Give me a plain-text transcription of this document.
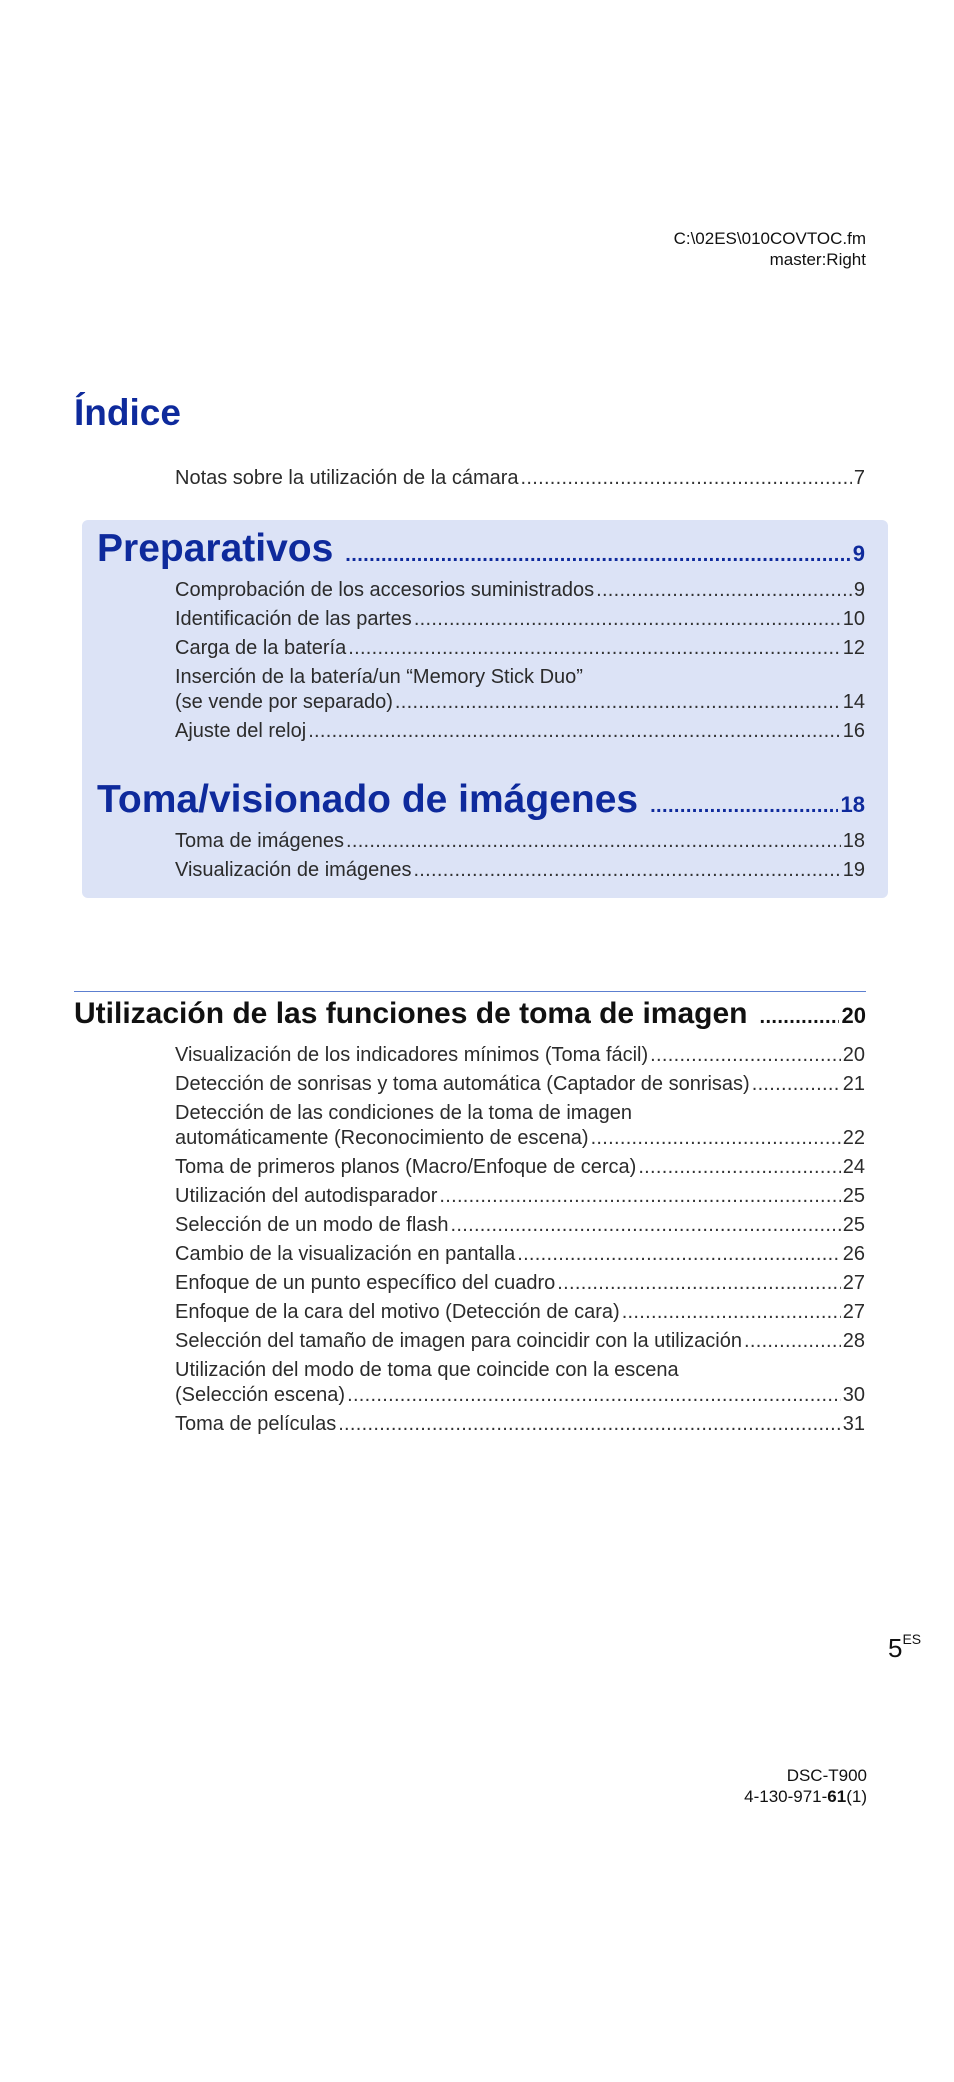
C:\02ES\010COVTOC.fm
master:Right
Índice
Notas sobre la utilización de la cámara .....	7
Preparativos .....	9
Comprobación de los accesorios suministrados .....	9
Identificación de las partes .....	10
Carga de la batería .....	12
Inserción de la batería/un “Memory Stick Duo”
(se vende por separado) .....	14
Ajuste del reloj .....	16
Toma/visionado de imágenes .....	18
Toma de imágenes .....	18
Visualización de imágenes .....	19
Utilización de las funciones de toma de imagen .....	20
Visualización de los indicadores mínimos (Toma fácil) .....	20
Detección de sonrisas y toma automática (Captador de sonrisas) .....	21
Detección de las condiciones de la toma de imagen
automáticamente (Reconocimiento de escena) .....	22
Toma de primeros planos (Macro/Enfoque de cerca) .....	24
Utilización del autodisparador .....	25
Selección de un modo de flash .....	25
Cambio de la visualización en pantalla .....	26
Enfoque de un punto específico del cuadro .....	27
Enfoque de la cara del motivo (Detección de cara) .....	27
Selección del tamaño de imagen para coincidir con la utilización .....	28
Utilización del modo de toma que coincide con la escena
(Selección escena) .....	30
Toma de películas .....	31
$5^{ES}$
DSC-T900
4-130-971-61(1)
